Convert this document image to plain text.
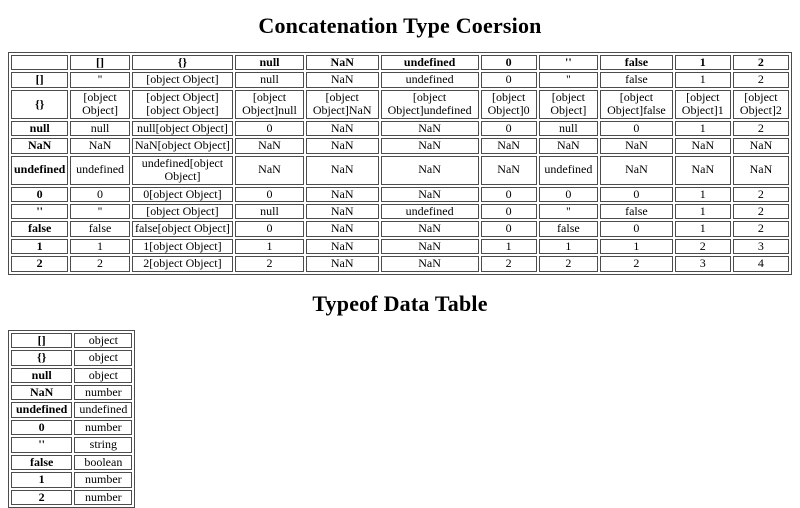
Concatenation Type Coersion
	[]	{}	null	NaN	undefined	0	''	false	1	2
[]	''	[object Object]	null	NaN	undefined	0	''	false	1	2
{}	[object Object]	[object Object][object Object]	[object Object]null	[object Object]NaN	[object Object]undefined	[object Object]0	[object Object]	[object Object]false	[object Object]1	[object Object]2
null	null	null[object Object]	0	NaN	NaN	0	null	0	1	2
NaN	NaN	NaN[object Object]	NaN	NaN	NaN	NaN	NaN	NaN	NaN	NaN
undefined	undefined	undefined[object Object]	NaN	NaN	NaN	NaN	undefined	NaN	NaN	NaN
0	0	0[object Object]	0	NaN	NaN	0	0	0	1	2
''	''	[object Object]	null	NaN	undefined	0	''	false	1	2
false	false	false[object Object]	0	NaN	NaN	0	false	0	1	2
1	1	1[object Object]	1	NaN	NaN	1	1	1	2	3
2	2	2[object Object]	2	NaN	NaN	2	2	2	3	4
Typeof Data Table
[]	object
{}	object
null	object
NaN	number
undefined	undefined
0	number
''	string
false	boolean
1	number
2	number
